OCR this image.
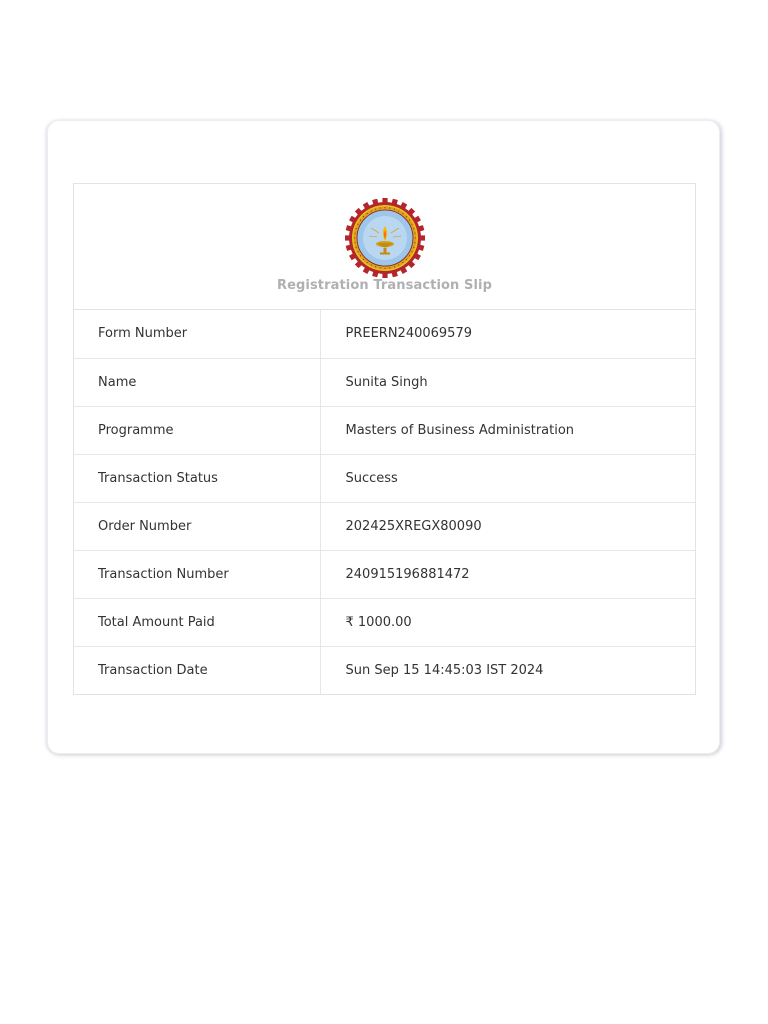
Registration Transaction Slip
Form Number	PREERN240069579
Name	Sunita Singh
Programme	Masters of Business Administration
Transaction Status	Success
Order Number	202425XREGX80090
Transaction Number	240915196881472
Total Amount Paid	₹ 1000.00
Transaction Date	Sun Sep 15 14:45:03 IST 2024
